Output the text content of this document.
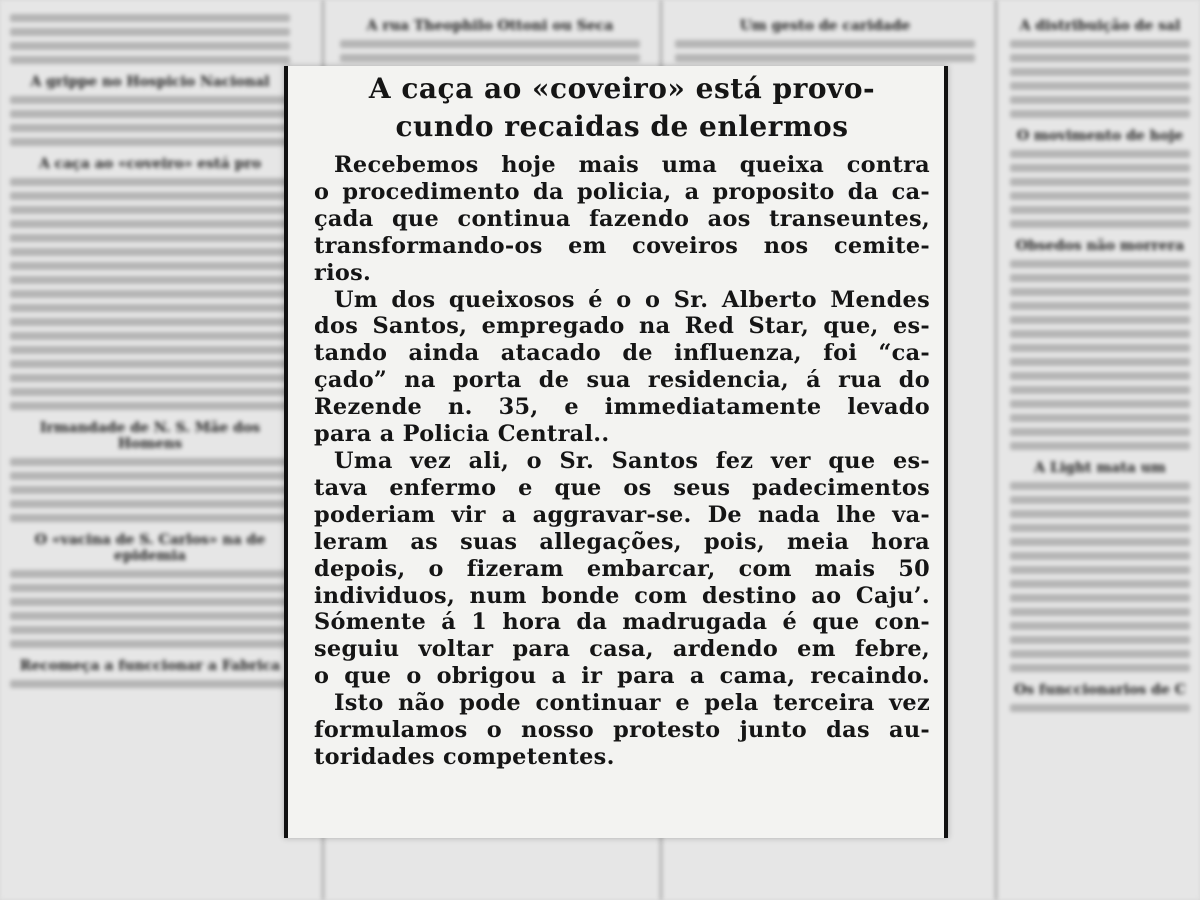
A grippe no Hospicio Nacional
A caça ao «coveiro» está pro
Irmandade de N. S. Mãe dos Homens
O «vacina de S. Carlos» na de epidemia
Recomeça a funccionar a Fabrica
A rua Theophilo Ottoni ou Seca	Um gesto de caridade	A distribuição de sal
O movimento de hoje
Obsedos não morrera
A Light mata um
Os funccionarios de C
A caça ao «coveiro» está provo-
cundo recaidas de enlermos

Recebemos hoje mais uma queixa contra
o procedimento da policia, a proposito da ca-
çada que continua fazendo aos transeuntes,
transformando-os em coveiros nos cemite-
rios.

Um dos queixosos é o o Sr. Alberto Mendes
dos Santos, empregado na Red Star, que, es-
tando ainda atacado de influenza, foi “ca-
çado” na porta de sua residencia, á rua do
Rezende n. 35, e immediatamente levado
para a Policia Central..

Uma vez ali, o Sr. Santos fez ver que es-
tava enfermo e que os seus padecimentos
poderiam vir a aggravar-se. De nada lhe va-
leram as suas allegações, pois, meia hora
depois, o fizeram embarcar, com mais 50
individuos, num bonde com destino ao Caju’.
Sómente á 1 hora da madrugada é que con-
seguiu voltar para casa, ardendo em febre,
o que o obrigou a ir para a cama, recaindo.

Isto não pode continuar e pela terceira vez
formulamos o nosso protesto junto das au-
toridades competentes.
